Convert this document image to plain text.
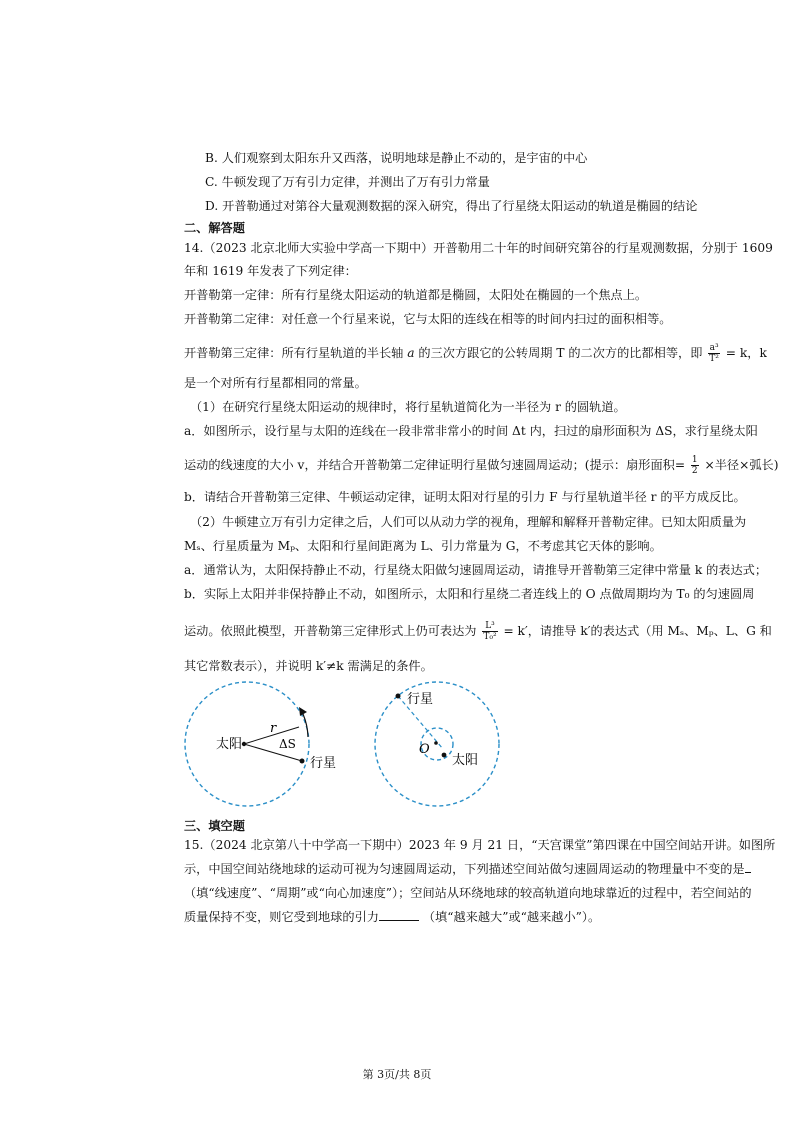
B. 人们观察到太阳东升又西落，说明地球是静止不动的，是宇宙的中心
C. 牛顿发现了万有引力定律，并测出了万有引力常量
D. 开普勒通过对第谷大量观测数据的深入研究，得出了行星绕太阳运动的轨道是椭圆的结论
二、解答题
14.（2023 北京北师大实验中学高一下期中）开普勒用二十年的时间研究第谷的行星观测数据，分别于 1609
年和 1619 年发表了下列定律：
开普勒第一定律：所有行星绕太阳运动的轨道都是椭圆，太阳处在椭圆的一个焦点上。
开普勒第二定律：对任意一个行星来说，它与太阳的连线在相等的时间内扫过的面积相等。
开普勒第三定律：所有行星轨道的半长轴 a 的三次方跟它的公转周期 T 的二次方的比都相等，即 $\frac{\text{a³}}{\text{T²}} = k$，k
是一个对所有行星都相同的常量。
（1）在研究行星绕太阳运动的规律时，将行星轨道简化为一半径为 r 的圆轨道。
a．如图所示，设行星与太阳的连线在一段非常非常小的时间 Δt 内，扫过的扇形面积为 ΔS，求行星绕太阳
运动的线速度的大小 v，并结合开普勒第二定律证明行星做匀速圆周运动；(提示：扇形面积= $\frac{1}{2}$ ×半径×弧长)
b．请结合开普勒第三定律、牛顿运动定律，证明太阳对行星的引力 F 与行星轨道半径 r 的平方成反比。
（2）牛顿建立万有引力定律之后，人们可以从动力学的视角，理解和解释开普勒定律。已知太阳质量为
Mₛ、行星质量为 Mₚ、太阳和行星间距离为 L、引力常量为 G，不考虑其它天体的影响。
a．通常认为，太阳保持静止不动，行星绕太阳做匀速圆周运动，请推导开普勒第三定律中常量 k 的表达式；
b．实际上太阳并非保持静止不动，如图所示，太阳和行星绕二者连线上的 O 点做周期均为 T₀ 的匀速圆周
运动。依照此模型，开普勒第三定律形式上仍可表达为 $\frac{\text{L³}}{\text{T₀²}} = k'$，请推导 k′的表达式（用 Mₛ、Mₚ、L、G 和
其它常数表示），并说明 k′≠k 需满足的条件。
太阳
行星
r
ΔS
行星
O
太阳
三、填空题
15.（2024 北京第八十中学高一下期中）2023 年 9 月 21 日，“天宫课堂”第四课在中国空间站开讲。如图所
示，中国空间站绕地球的运动可视为匀速圆周运动，下列描述空间站做匀速圆周运动的物理量中不变的是
（填“线速度”、“周期”或“向心加速度”）；空间站从环绕地球的较高轨道向地球靠近的过程中，若空间站的
质量保持不变，则它受到地球的引力	（填“越来越大”或“越来越小”）。
第 3页/共 8页
